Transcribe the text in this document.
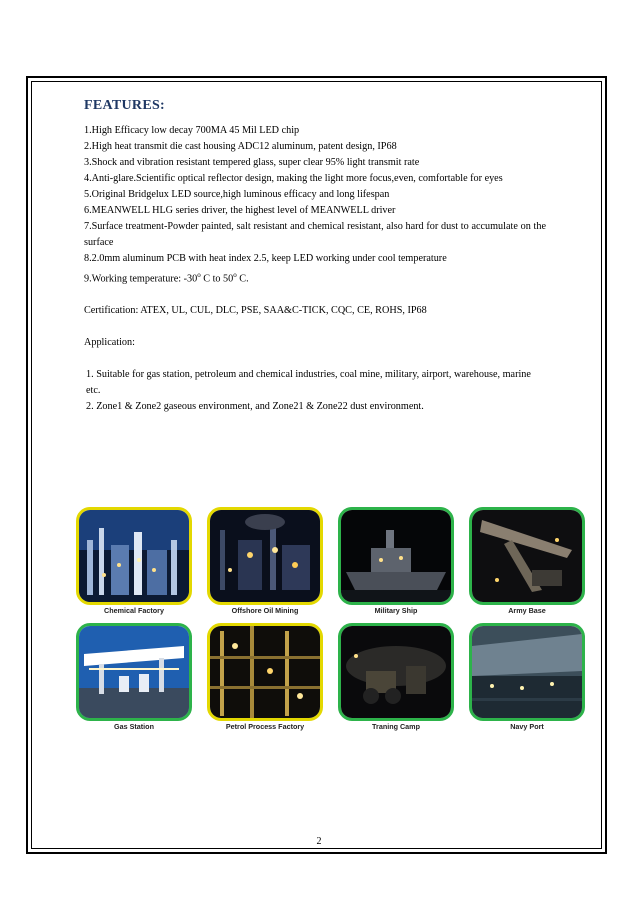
FEATURES:

1.High Efficacy low decay 700MA 45 Mil LED chip

2.High heat transmit die cast housing ADC12 aluminum, patent design, IP68

3.Shock and vibration resistant tempered glass, super clear 95% light transmit rate

4.Anti-glare.Scientific optical reflector design, making the light more focus,even, comfortable for eyes

5.Original Bridgelux LED source,high luminous efficacy and long lifespan

6.MEANWELL HLG series driver, the highest level of MEANWELL driver

7.Surface treatment-Powder painted, salt resistant and chemical resistant, also hard for dust to accumulate on the surface

8.2.0mm aluminum PCB with heat index 2.5, keep LED working under cool temperature

9.Working temperature: -30$^o$ C to 50$^o$ C.

Certification: ATEX, UL, CUL, DLC, PSE, SAA&C-TICK, CQC, CE, ROHS, IP68

Application:

1. Suitable for gas station, petroleum and chemical industries, coal mine, military, airport, warehouse, marine etc.

2. Zone1 & Zone2 gaseous environment, and Zone21 & Zone22 dust environment.

Chemical Factory	Offshore Oil Mining	Military Ship	Army Base
Gas Station	Petrol Process Factory	Traning Camp	Navy Port
2
